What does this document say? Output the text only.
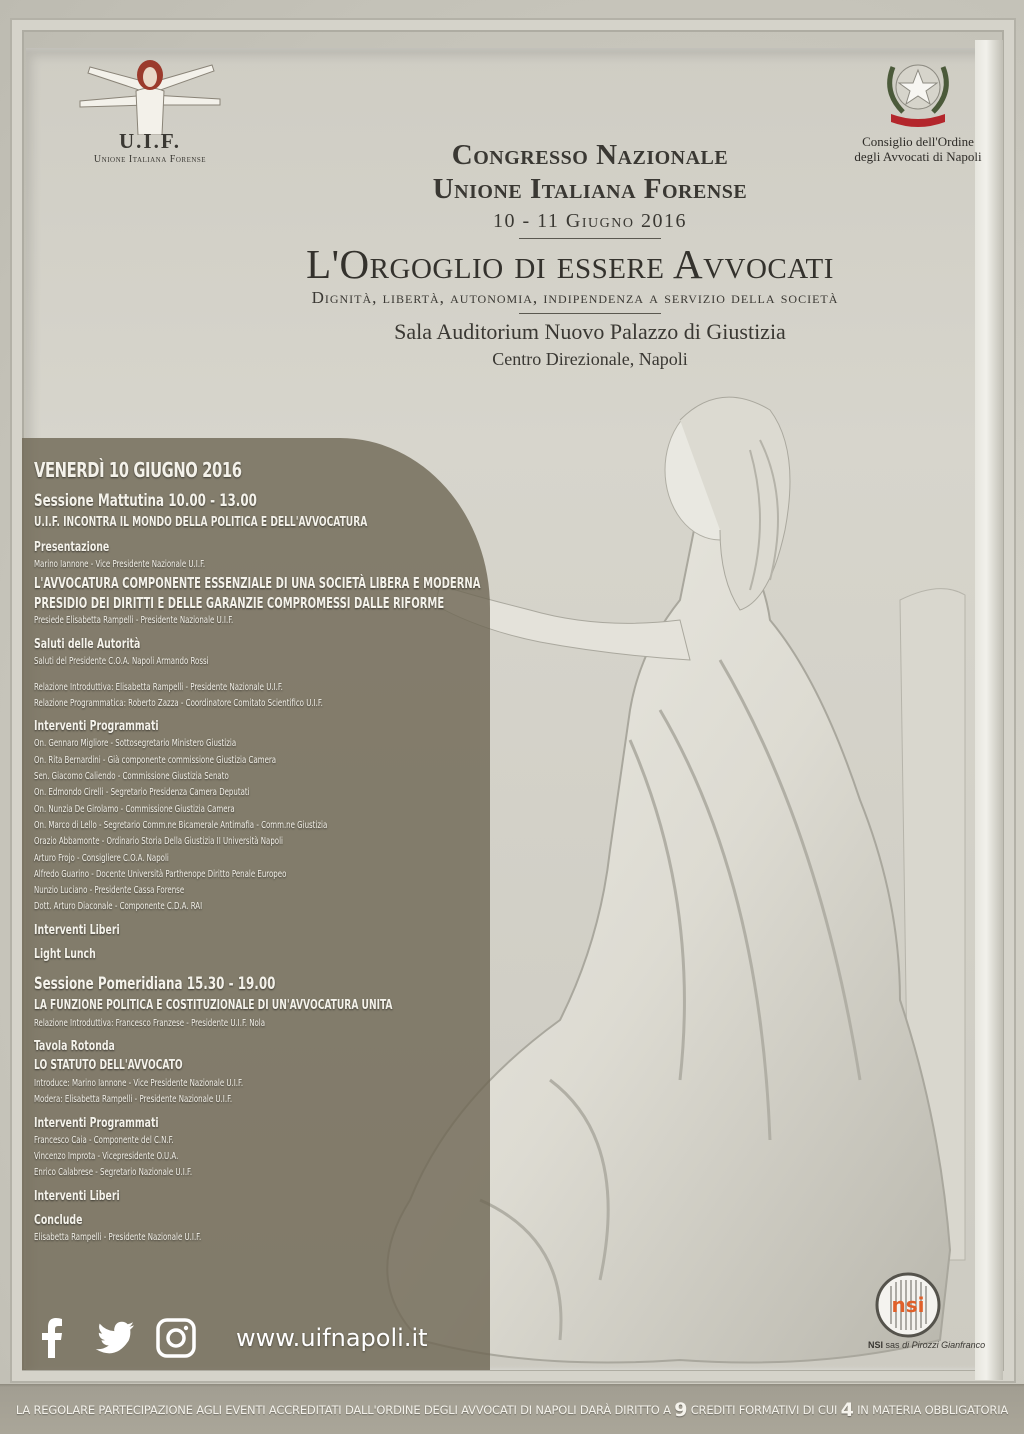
U.I.F.
Unione Italiana Forense
Consiglio dell'Ordine
degli Avvocati di Napoli
Congresso Nazionale
Unione Italiana Forense
10 - 11 Giugno 2016
L'Orgoglio di essere Avvocati
Dignità, libertà, autonomia, indipendenza a servizio della società
Sala Auditorium Nuovo Palazzo di Giustizia
Centro Direzionale, Napoli
VENERDÌ 10 GIUGNO 2016
Sessione Mattutina 10.00 - 13.00
U.I.F. INCONTRA IL MONDO DELLA POLITICA E DELL'AVVOCATURA
Presentazione
Marino Iannone - Vice Presidente Nazionale U.I.F.
L'AVVOCATURA COMPONENTE ESSENZIALE DI UNA SOCIETÀ LIBERA E MODERNA
PRESIDIO DEI DIRITTI E DELLE GARANZIE COMPROMESSI DALLE RIFORME
Presiede Elisabetta Rampelli - Presidente Nazionale U.I.F.
Saluti delle Autorità
Saluti del Presidente C.O.A. Napoli Armando Rossi
Relazione Introduttiva: Elisabetta Rampelli - Presidente Nazionale U.I.F.
Relazione Programmatica: Roberto Zazza - Coordinatore Comitato Scientifico U.I.F.
Interventi Programmati
On. Gennaro Migliore - Sottosegretario Ministero Giustizia
On. Rita Bernardini - Già componente commissione Giustizia Camera
Sen. Giacomo Caliendo - Commissione Giustizia Senato
On. Edmondo Cirelli - Segretario Presidenza Camera Deputati
On. Nunzia De Girolamo - Commissione Giustizia Camera
On. Marco di Lello - Segretario Comm.ne Bicamerale Antimafia - Comm.ne Giustizia
Orazio Abbamonte - Ordinario Storia Della Giustizia II Università Napoli
Arturo Frojo - Consigliere C.O.A. Napoli
Alfredo Guarino - Docente Università Parthenope Diritto Penale Europeo
Nunzio Luciano - Presidente Cassa Forense
Dott. Arturo Diaconale - Componente C.D.A. RAI
Interventi Liberi
Light Lunch
Sessione Pomeridiana 15.30 - 19.00
LA FUNZIONE POLITICA E COSTITUZIONALE DI UN'AVVOCATURA UNITA
Relazione Introduttiva: Francesco Franzese - Presidente U.I.F. Nola
Tavola Rotonda
LO STATUTO DELL'AVVOCATO
Introduce: Marino Iannone - Vice Presidente Nazionale U.I.F.
Modera: Elisabetta Rampelli - Presidente Nazionale U.I.F.
Interventi Programmati
Francesco Caia - Componente del C.N.F.
Vincenzo Improta - Vicepresidente O.U.A.
Enrico Calabrese - Segretario Nazionale U.I.F.
Interventi Liberi
Conclude
Elisabetta Rampelli - Presidente Nazionale U.I.F.
www.uifnapoli.it
nsi
NSI sas di Pirozzi Gianfranco
LA REGOLARE PARTECIPAZIONE AGLI EVENTI ACCREDITATI DALL'ORDINE DEGLI AVVOCATI DI NAPOLI DARÀ DIRITTO A 9 CREDITI FORMATIVI DI CUI 4 IN MATERIA OBBLIGATORIA
